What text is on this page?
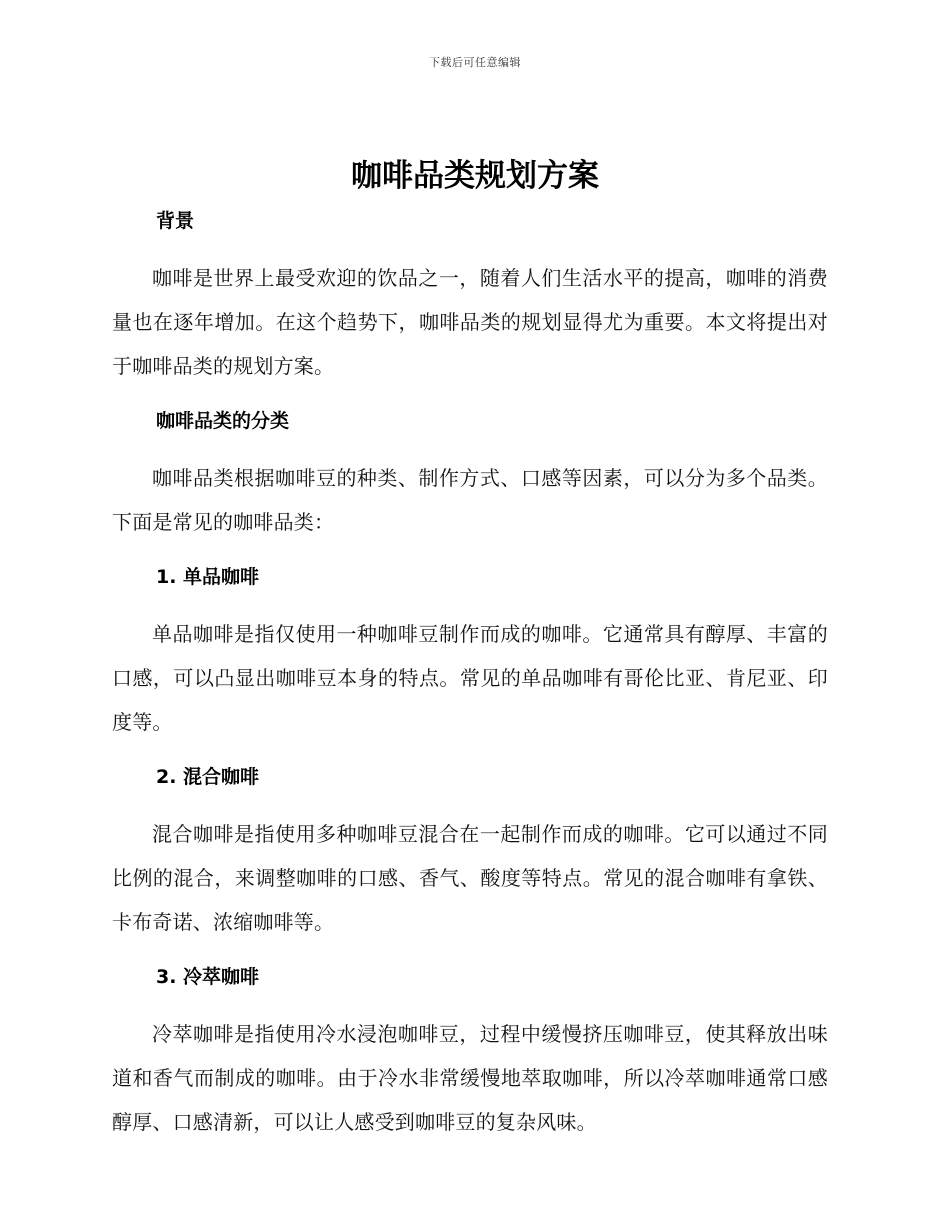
下载后可任意编辑
咖啡品类规划方案
背景

咖啡是世界上最受欢迎的饮品之一，随着人们生活水平的提高，咖啡的消费量也在逐年增加。在这个趋势下，咖啡品类的规划显得尤为重要。本文将提出对于咖啡品类的规划方案。

咖啡品类的分类

咖啡品类根据咖啡豆的种类、制作方式、口感等因素，可以分为多个品类。下面是常见的咖啡品类：

1. 单品咖啡

单品咖啡是指仅使用一种咖啡豆制作而成的咖啡。它通常具有醇厚、丰富的口感，可以凸显出咖啡豆本身的特点。常见的单品咖啡有哥伦比亚、肯尼亚、印度等。

2. 混合咖啡

混合咖啡是指使用多种咖啡豆混合在一起制作而成的咖啡。它可以通过不同比例的混合，来调整咖啡的口感、香气、酸度等特点。常见的混合咖啡有拿铁、卡布奇诺、浓缩咖啡等。

3. 冷萃咖啡

冷萃咖啡是指使用冷水浸泡咖啡豆，过程中缓慢挤压咖啡豆，使其释放出味道和香气而制成的咖啡。由于冷水非常缓慢地萃取咖啡，所以冷萃咖啡通常口感醇厚、口感清新，可以让人感受到咖啡豆的复杂风味。
